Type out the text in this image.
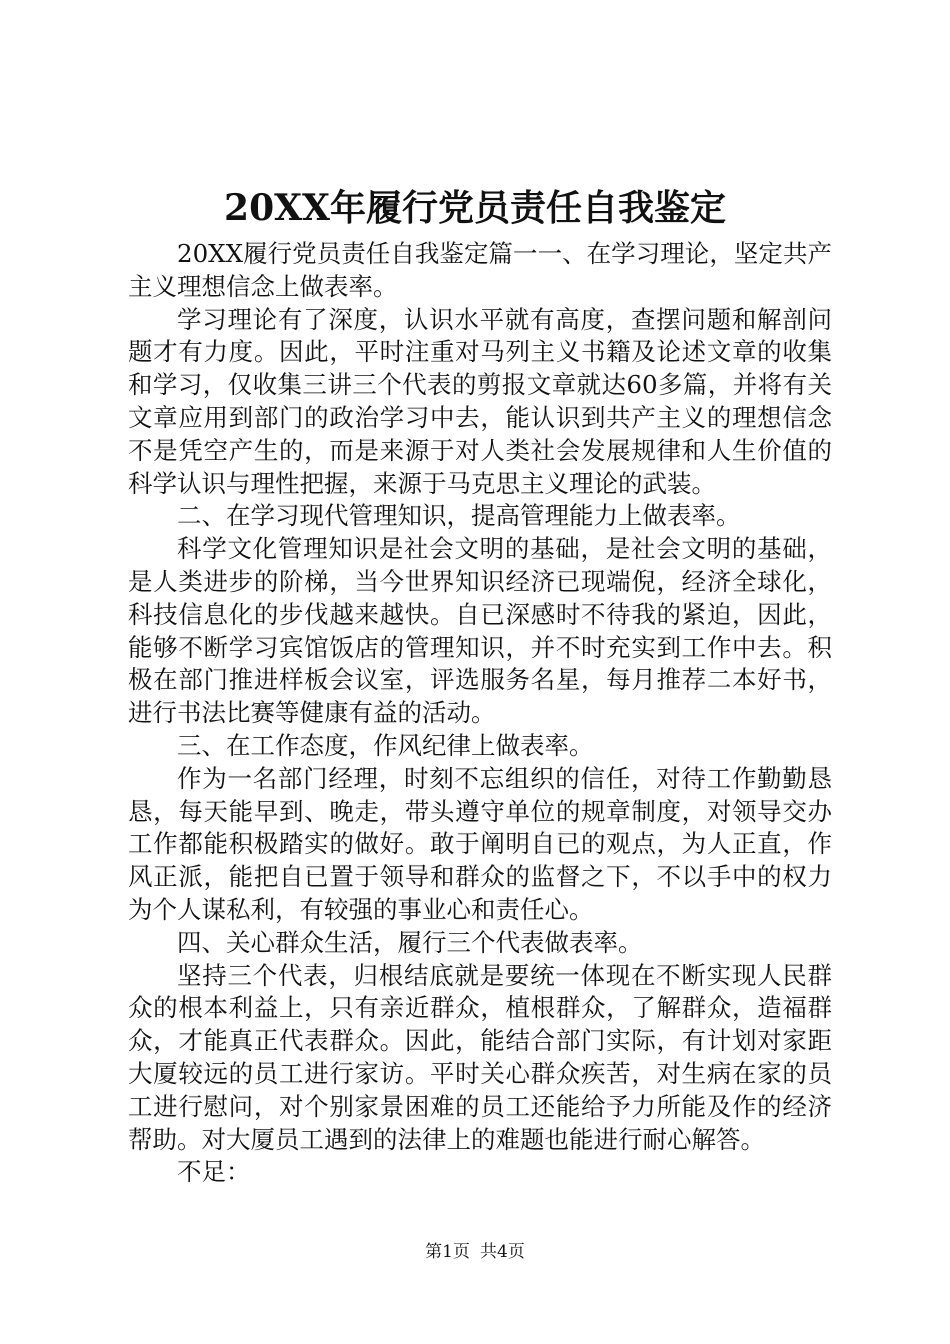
20XX年履行党员责任自我鉴定

20XX履行党员责任自我鉴定篇一一、在学习理论，坚定共产主义理想信念上做表率。

学习理论有了深度，认识水平就有高度，查摆问题和解剖问题才有力度。因此，平时注重对马列主义书籍及论述文章的收集和学习，仅收集三讲三个代表的剪报文章就达60多篇，并将有关文章应用到部门的政治学习中去，能认识到共产主义的理想信念不是凭空产生的，而是来源于对人类社会发展规律和人生价值的科学认识与理性把握，来源于马克思主义理论的武装。

二、在学习现代管理知识，提高管理能力上做表率。

科学文化管理知识是社会文明的基础，是社会文明的基础，是人类进步的阶梯，当今世界知识经济已现端倪，经济全球化，科技信息化的步伐越来越快。自已深感时不待我的紧迫，因此，能够不断学习宾馆饭店的管理知识，并不时充实到工作中去。积极在部门推进样板会议室，评选服务名星，每月推荐二本好书，进行书法比赛等健康有益的活动。

三、在工作态度，作风纪律上做表率。

作为一名部门经理，时刻不忘组织的信任，对待工作勤勤恳恳，每天能早到、晚走，带头遵守单位的规章制度，对领导交办工作都能积极踏实的做好。敢于阐明自已的观点，为人正直，作风正派，能把自已置于领导和群众的监督之下，不以手中的权力为个人谋私利，有较强的事业心和责任心。

四、关心群众生活，履行三个代表做表率。

坚持三个代表，归根结底就是要统一体现在不断实现人民群众的根本利益上，只有亲近群众，植根群众，了解群众，造福群众，才能真正代表群众。因此，能结合部门实际，有计划对家距大厦较远的员工进行家访。平时关心群众疾苦，对生病在家的员工进行慰问，对个别家景困难的员工还能给予力所能及作的经济帮助。对大厦员工遇到的法律上的难题也能进行耐心解答。

不足：

第1页 共4页
